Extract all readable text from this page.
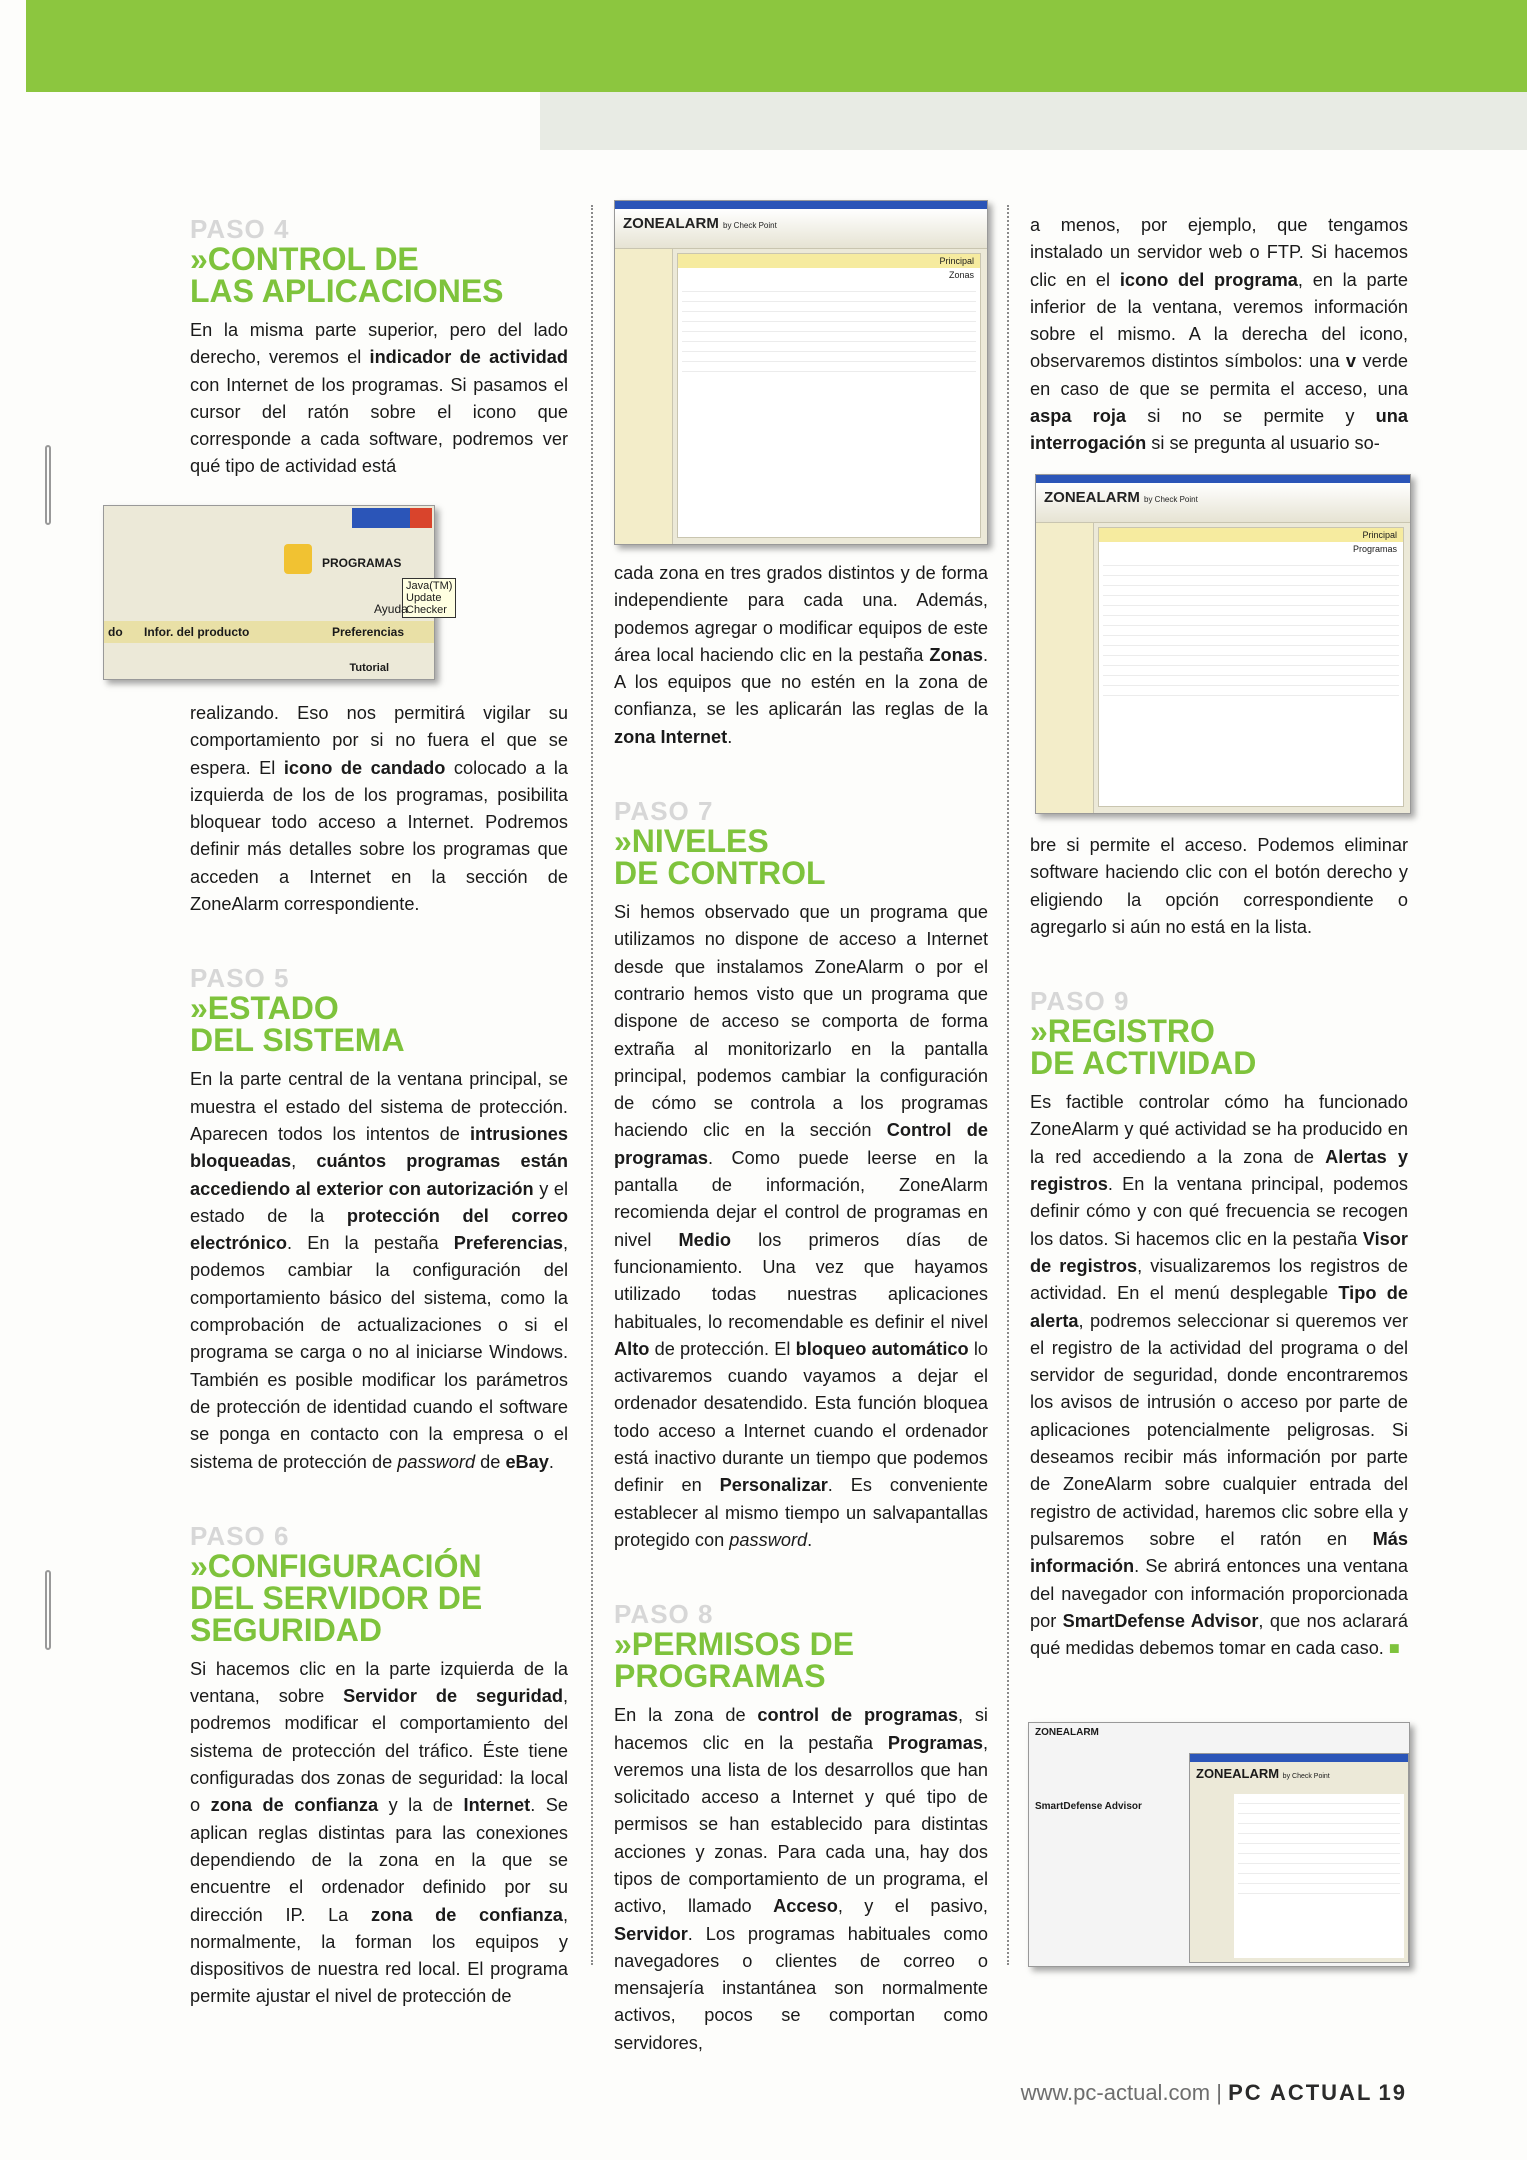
PASO 4
»CONTROL DE
LAS APLICACIONES

En la misma parte superior, pero del lado derecho, veremos el indicador de actividad con Internet de los programas. Si pasamos el cursor del ratón sobre el icono que corresponde a cada software, podremos ver qué tipo de actividad está

PROGRAMAS
Java(TM) Update Checker
Ayuda
do Infor. del producto	Preferencias
Tutorial

realizando. Eso nos permitirá vigilar su comportamiento por si no fuera el que se espera. El icono de candado colocado a la izquierda de los de los programas, posibilita bloquear todo acceso a Internet. Podremos definir más detalles sobre los programas que acceden a Internet en la sección de ZoneAlarm correspondiente.

PASO 5
»ESTADO
DEL SISTEMA

En la parte central de la ventana principal, se muestra el estado del sistema de protección. Aparecen todos los intentos de intrusiones bloqueadas, cuántos programas están accediendo al exterior con autorización y el estado de la protección del correo electrónico. En la pestaña Preferencias, podemos cambiar la configuración del comportamiento básico del sistema, como la comprobación de actualizaciones o si el programa se carga o no al iniciarse Windows. También es posible modificar los parámetros de protección de identidad cuando el software se ponga en contacto con la empresa o el sistema de protección de password de eBay.

PASO 6
»CONFIGURACIÓN
DEL SERVIDOR DE
SEGURIDAD

Si hacemos clic en la parte izquierda de la ventana, sobre Servidor de seguridad, podremos modificar el comportamiento del sistema de protección del tráfico. Éste tiene configuradas dos zonas de seguridad: la local o zona de confianza y la de Internet. Se aplican reglas distintas para las conexiones dependiendo de la zona en la que se encuentre el ordenador definido por su dirección IP. La zona de confianza, normalmente, la forman los equipos y dispositivos de nuestra red local. El programa permite ajustar el nivel de protección de

ZONEALARM by Check Point
Principal
Zonas

cada zona en tres grados distintos y de forma independiente para cada una. Además, podemos agregar o modificar equipos de este área local haciendo clic en la pestaña Zonas. A los equipos que no estén en la zona de confianza, se les aplicarán las reglas de la zona Internet.

PASO 7
»NIVELES
DE CONTROL

Si hemos observado que un programa que utilizamos no dispone de acceso a Internet desde que instalamos ZoneAlarm o por el contrario hemos visto que un programa que dispone de acceso se comporta de forma extraña al monitorizarlo en la pantalla principal, podemos cambiar la configuración de cómo se controla a los programas haciendo clic en la sección Control de programas. Como puede leerse en la pantalla de información, ZoneAlarm recomienda dejar el control de programas en nivel Medio los primeros días de funcionamiento. Una vez que hayamos utilizado todas nuestras aplicaciones habituales, lo recomendable es definir el nivel Alto de protección. El bloqueo automático lo activaremos cuando vayamos a dejar el ordenador desatendido. Esta función bloquea todo acceso a Internet cuando el ordenador está inactivo durante un tiempo que podemos definir en Personalizar. Es conveniente establecer al mismo tiempo un salvapantallas protegido con password.

PASO 8
»PERMISOS DE
PROGRAMAS

En la zona de control de programas, si hacemos clic en la pestaña Programas, veremos una lista de los desarrollos que han solicitado acceso a Internet y qué tipo de permisos se han establecido para distintas acciones y zonas. Para cada una, hay dos tipos de comportamiento de un programa, el activo, llamado Acceso, y el pasivo, Servidor. Los programas habituales como navegadores o clientes de correo o mensajería instantánea son normalmente activos, pocos se comportan como servidores,

a menos, por ejemplo, que tengamos instalado un servidor web o FTP. Si hacemos clic en el icono del programa, en la parte inferior de la ventana, veremos información sobre el mismo. A la derecha del icono, observaremos distintos símbolos: una v verde en caso de que se permita el acceso, una aspa roja si no se permite y una interrogación si se pregunta al usuario so-

ZONEALARM by Check Point
Principal
Programas

bre si permite el acceso. Podemos eliminar software haciendo clic con el botón derecho y eligiendo la opción correspondiente o agregarlo si aún no está en la lista.

PASO 9
»REGISTRO
DE ACTIVIDAD

Es factible controlar cómo ha funcionado ZoneAlarm y qué actividad se ha producido en la red accediendo a la zona de Alertas y registros. En la ventana principal, podemos definir cómo y con qué frecuencia se recogen los datos. Si hacemos clic en la pestaña Visor de registros, visualizaremos los registros de actividad. En el menú desplegable Tipo de alerta, podremos seleccionar si queremos ver el registro de la actividad del programa o del servidor de seguridad, donde encontraremos los avisos de intrusión o acceso por parte de aplicaciones potencialmente peligrosas. Si deseamos recibir más información por parte de ZoneAlarm sobre cualquier entrada del registro de actividad, haremos clic sobre ella y pulsaremos sobre el ratón en Más información. Se abrirá entonces una ventana del navegador con información proporcionada por SmartDefense Advisor, que nos aclarará qué medidas debemos tomar en cada caso. ■

ZONEALARM
SmartDefense Advisor
ZONEALARM by Check Point
www.pc-actual.com | PC ACTUAL 19
